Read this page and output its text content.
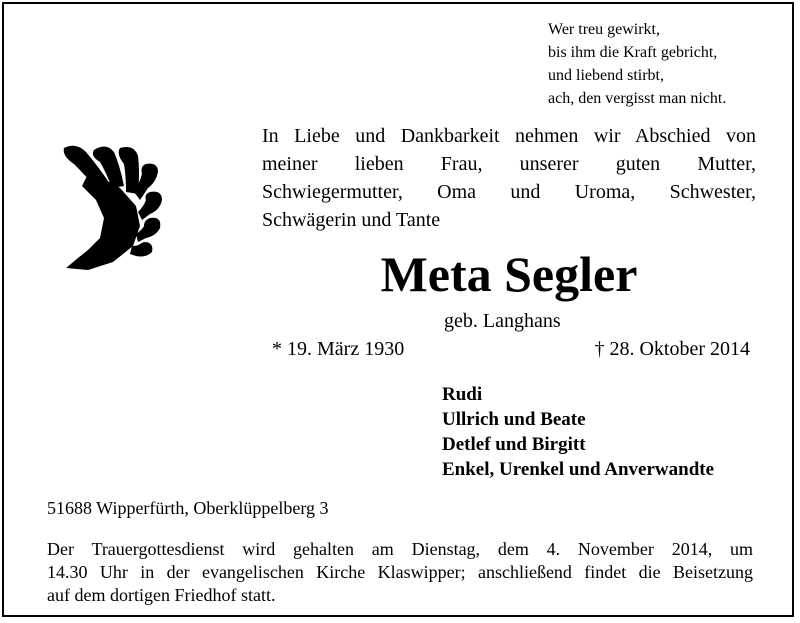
Wer treu gewirkt,
bis ihm die Kraft gebricht,
und liebend stirbt,
ach, den vergisst man nicht.
In Liebe und Dankbarkeit nehmen wir Abschied von
meiner lieben Frau, unserer guten Mutter,
Schwiegermutter, Oma und Uroma, Schwester,
Schwägerin und Tante
Meta Segler
geb. Langhans
* 19. März 1930	† 28. Oktober 2014
Rudi
Ullrich und Beate
Detlef und Birgitt
Enkel, Urenkel und Anverwandte
51688 Wipperfürth, Oberklüppelberg 3
Der Trauergottesdienst wird gehalten am Dienstag, dem 4. November 2014, um
14.30 Uhr in der evangelischen Kirche Klaswipper; anschließend findet die Beisetzung
auf dem dortigen Friedhof statt.
